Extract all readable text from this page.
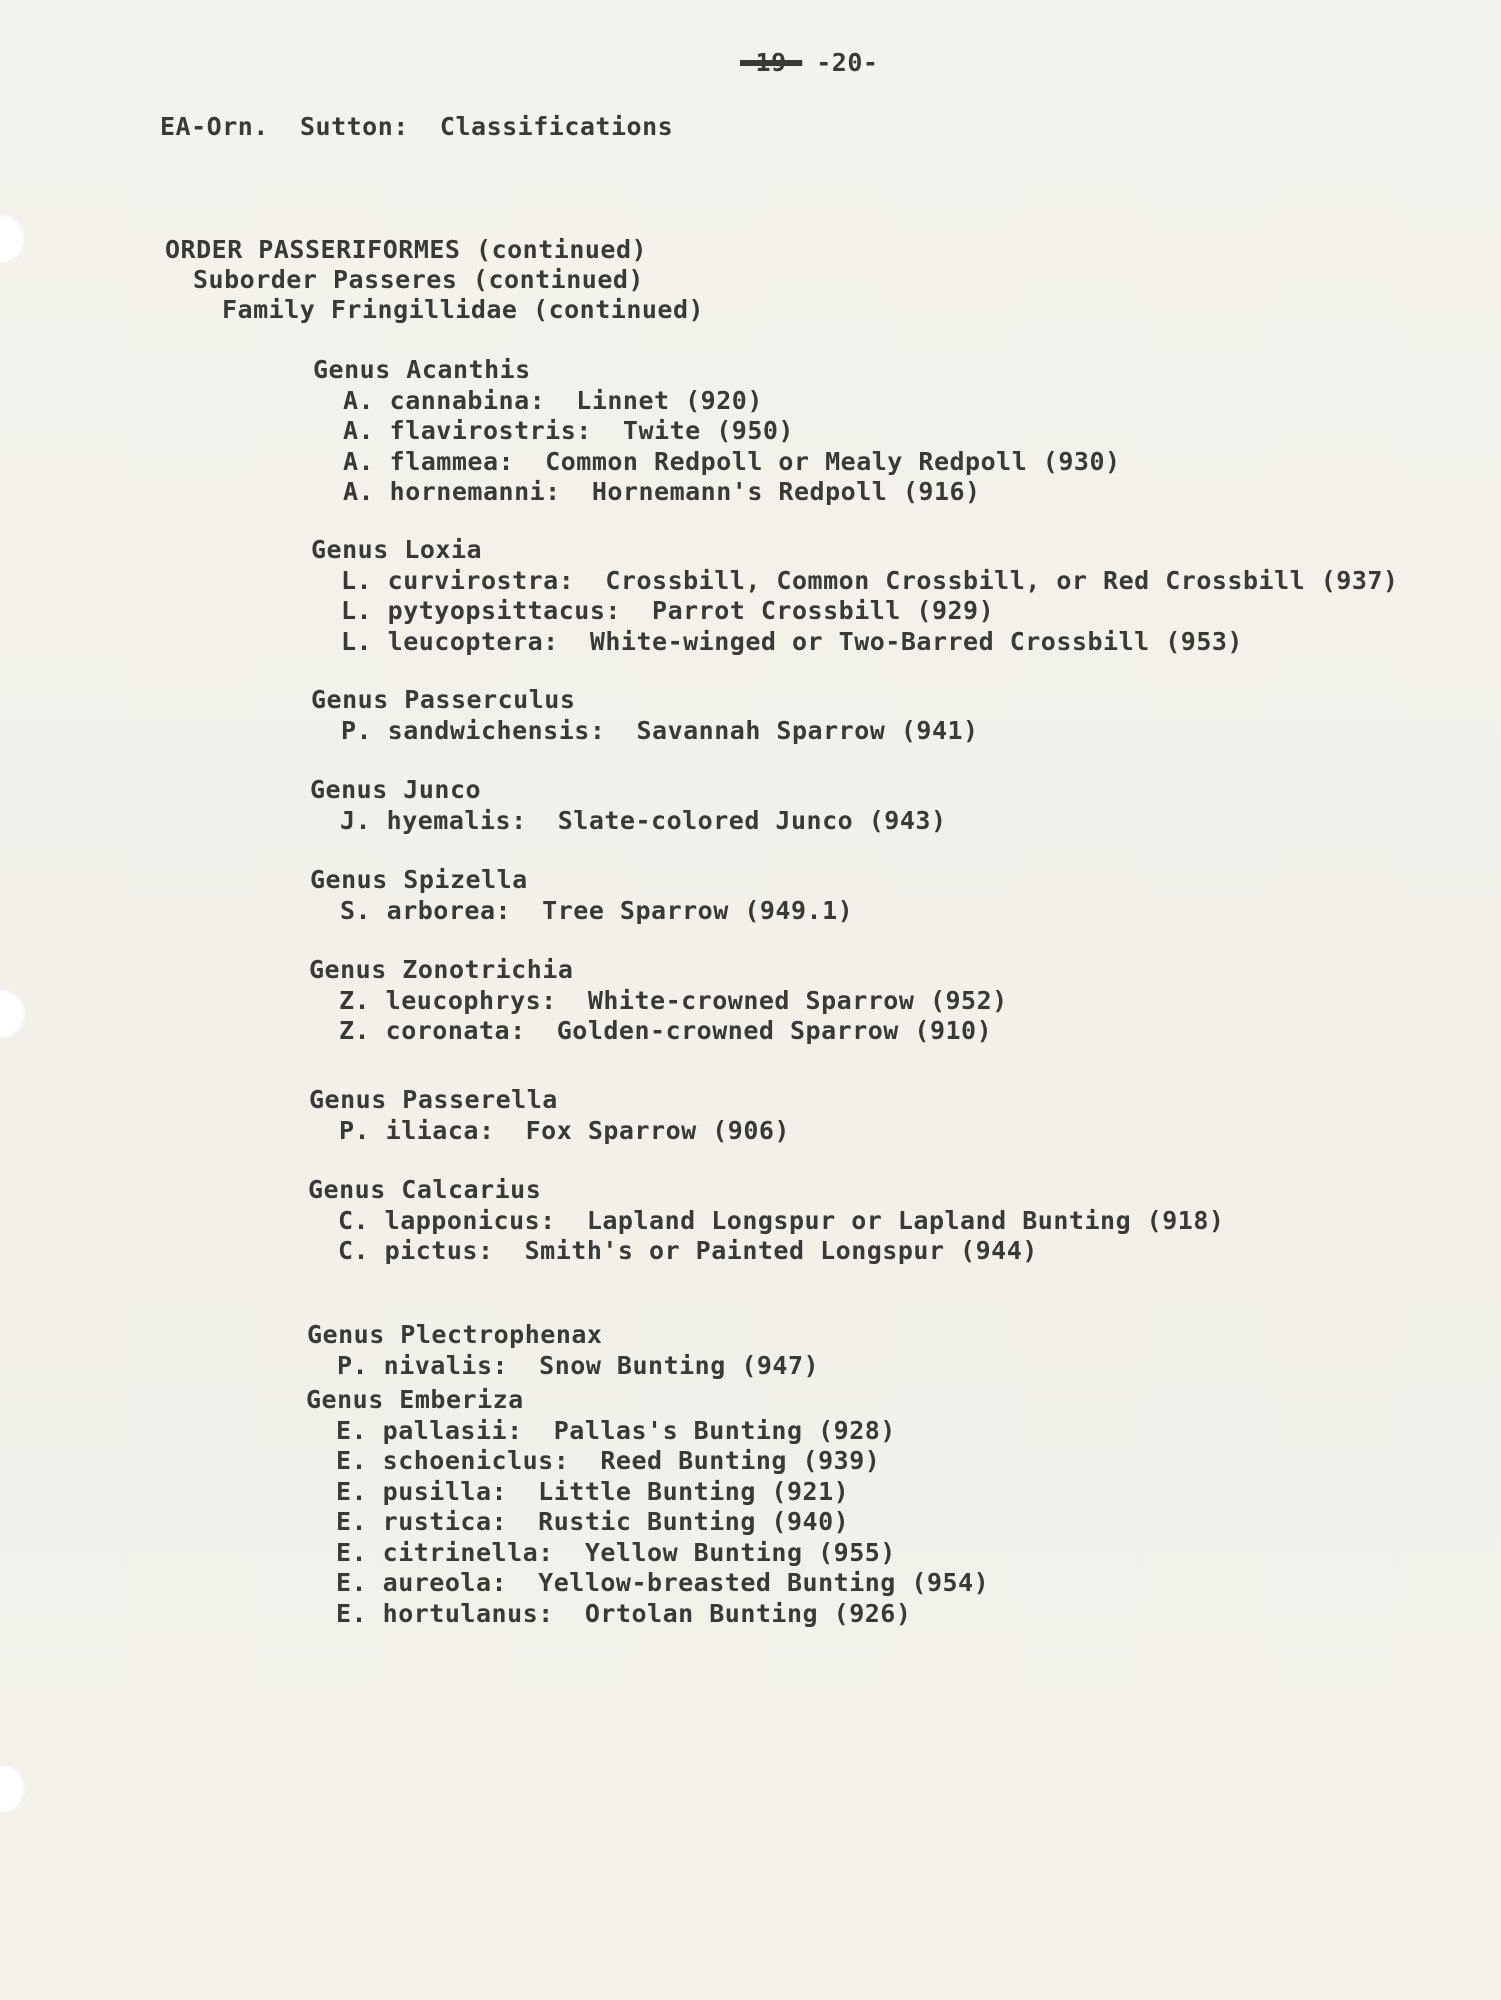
-19- -20-
EA-Orn.  Sutton:  Classifications
ORDER PASSERIFORMES (continued)
Suborder Passeres (continued)
Family Fringillidae (continued)
Genus Acanthis
A. cannabina:  Linnet (920)
A. flavirostris:  Twite (950)
A. flammea:  Common Redpoll or Mealy Redpoll (930)
A. hornemanni:  Hornemann's Redpoll (916)
Genus Loxia
L. curvirostra:  Crossbill, Common Crossbill, or Red Crossbill (937)
L. pytyopsittacus:  Parrot Crossbill (929)
L. leucoptera:  White-winged or Two-Barred Crossbill (953)
Genus Passerculus
P. sandwichensis:  Savannah Sparrow (941)
Genus Junco
J. hyemalis:  Slate-colored Junco (943)
Genus Spizella
S. arborea:  Tree Sparrow (949.1)
Genus Zonotrichia
Z. leucophrys:  White-crowned Sparrow (952)
Z. coronata:  Golden-crowned Sparrow (910)
Genus Passerella
P. iliaca:  Fox Sparrow (906)
Genus Calcarius
C. lapponicus:  Lapland Longspur or Lapland Bunting (918)
C. pictus:  Smith's or Painted Longspur (944)
Genus Plectrophenax
P. nivalis:  Snow Bunting (947)
Genus Emberiza
E. pallasii:  Pallas's Bunting (928)
E. schoeniclus:  Reed Bunting (939)
E. pusilla:  Little Bunting (921)
E. rustica:  Rustic Bunting (940)
E. citrinella:  Yellow Bunting (955)
E. aureola:  Yellow-breasted Bunting (954)
E. hortulanus:  Ortolan Bunting (926)
